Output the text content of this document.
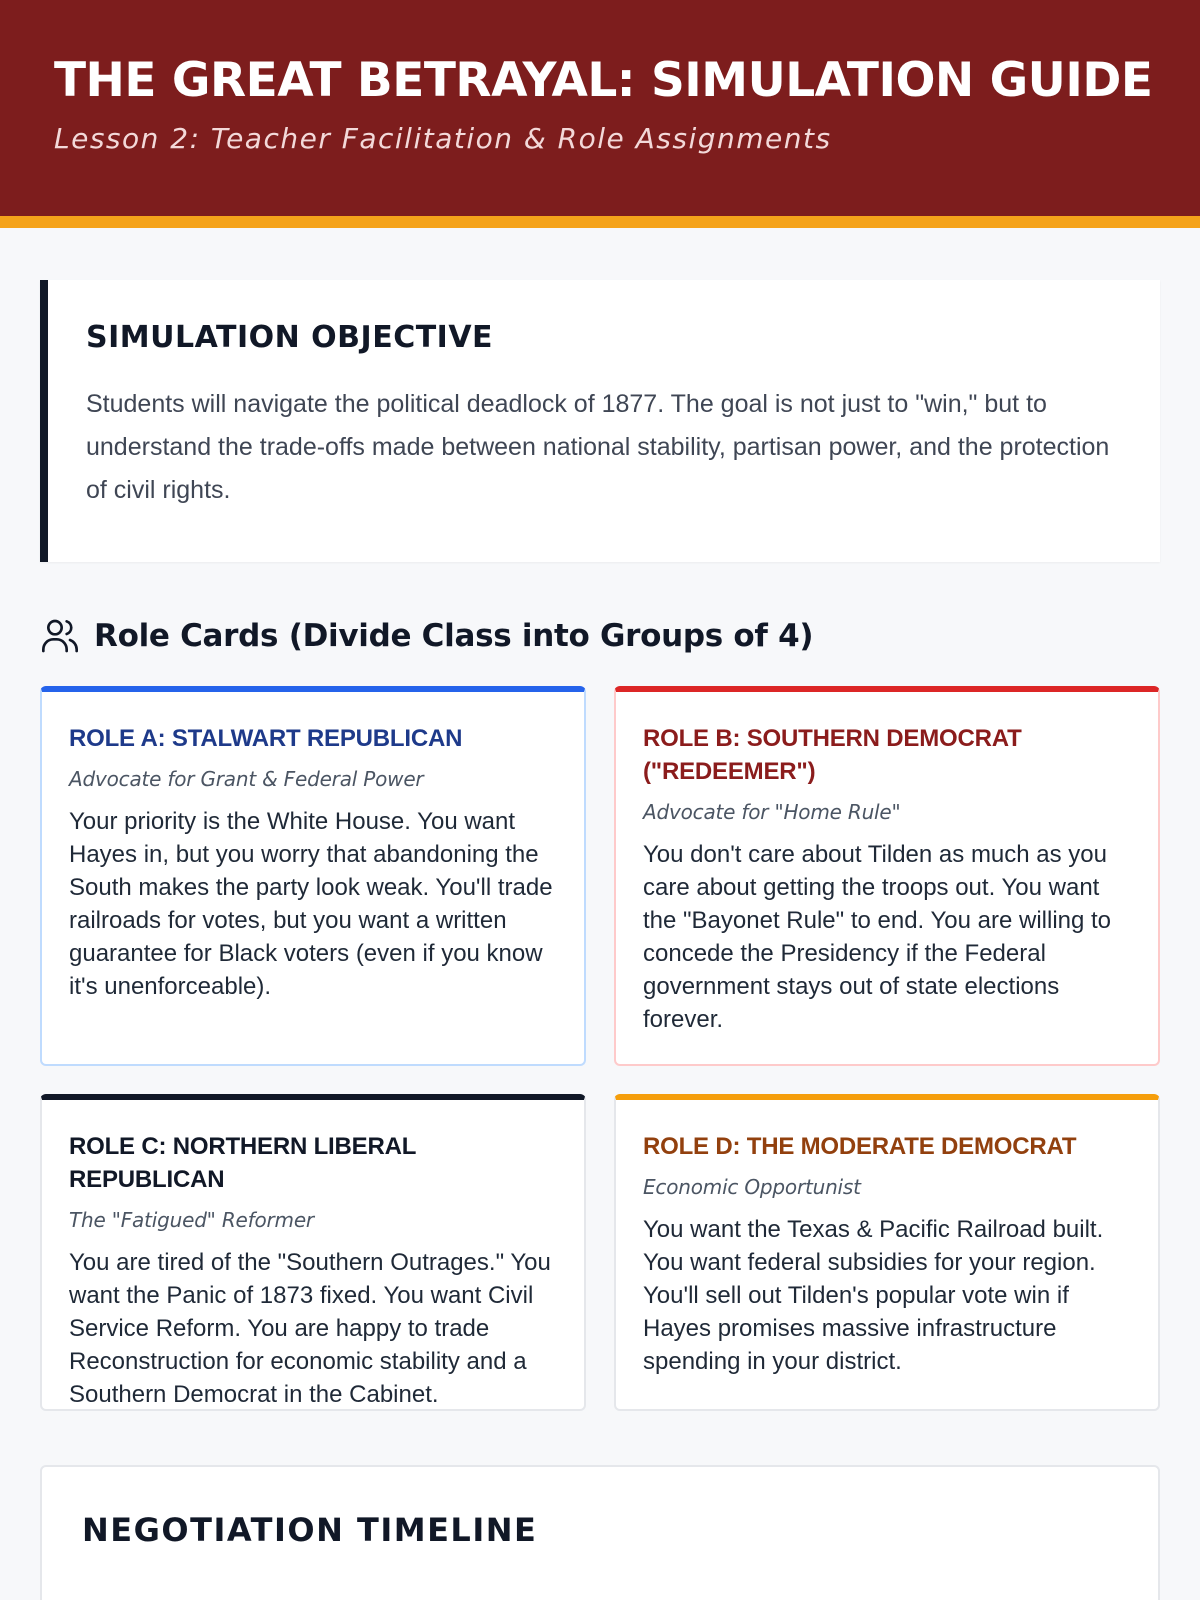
THE GREAT BETRAYAL: SIMULATION GUIDE
Lesson 2: Teacher Facilitation & Role Assignments
SIMULATION OBJECTIVE

Students will navigate the political deadlock of 1877. The goal is not just to "win," but to understand the trade-offs made between national stability, partisan power, and the protection of civil rights.

Role Cards (Divide Class into Groups of 4)
ROLE A: STALWART REPUBLICAN
Advocate for Grant & Federal Power
Your priority is the White House. You want Hayes in, but you worry that abandoning the South makes the party look weak. You'll trade railroads for votes, but you want a written guarantee for Black voters (even if you know it's unenforceable).
ROLE B: SOUTHERN DEMOCRAT ("REDEEMER")
Advocate for "Home Rule"
You don't care about Tilden as much as you care about getting the troops out. You want the "Bayonet Rule" to end. You are willing to concede the Presidency if the Federal government stays out of state elections forever.
ROLE C: NORTHERN LIBERAL REPUBLICAN
The "Fatigued" Reformer
You are tired of the "Southern Outrages." You want the Panic of 1873 fixed. You want Civil Service Reform. You are happy to trade Reconstruction for economic stability and a Southern Democrat in the Cabinet.
ROLE D: THE MODERATE DEMOCRAT
Economic Opportunist
You want the Texas & Pacific Railroad built. You want federal subsidies for your region. You'll sell out Tilden's popular vote win if Hayes promises massive infrastructure spending in your district.
NEGOTIATION TIMELINE
